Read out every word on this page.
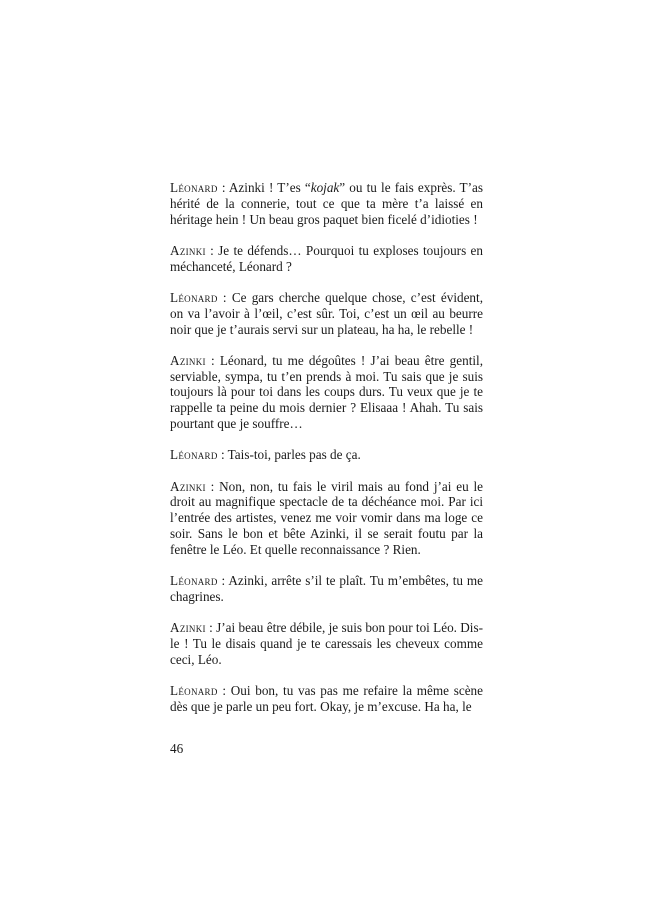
Léonard : Azinki ! T’es “kojak” ou tu le fais exprès. T’as hérité de la connerie, tout ce que ta mère t’a laissé en héritage hein ! Un beau gros paquet bien ficelé d’idioties !

Azinki : Je te défends… Pourquoi tu exploses toujours en méchanceté, Léonard ?

Léonard : Ce gars cherche quelque chose, c’est évident, on va l’avoir à l’œil, c’est sûr. Toi, c’est un œil au beurre noir que je t’aurais servi sur un plateau, ha ha, le rebelle !

Azinki : Léonard, tu me dégoûtes ! J’ai beau être gentil, serviable, sympa, tu t’en prends à moi. Tu sais que je suis toujours là pour toi dans les coups durs. Tu veux que je te rappelle ta peine du mois dernier ? Elisaaa ! Ahah. Tu sais pourtant que je souffre…

Léonard : Tais-toi, parles pas de ça.

Azinki : Non, non, tu fais le viril mais au fond j’ai eu le droit au magnifique spectacle de ta déchéance moi. Par ici l’entrée des artistes, venez me voir vomir dans ma loge ce soir. Sans le bon et bête Azinki, il se serait foutu par la fenêtre le Léo. Et quelle reconnaissance ? Rien.

Léonard : Azinki, arrête s’il te plaît. Tu m’embêtes, tu me chagrines.

Azinki : J’ai beau être débile, je suis bon pour toi Léo. Dis-le ! Tu le disais quand je te caressais les cheveux comme ceci, Léo.

Léonard : Oui bon, tu vas pas me refaire la même scène dès que je parle un peu fort. Okay, je m’excuse. Ha ha, le

46
